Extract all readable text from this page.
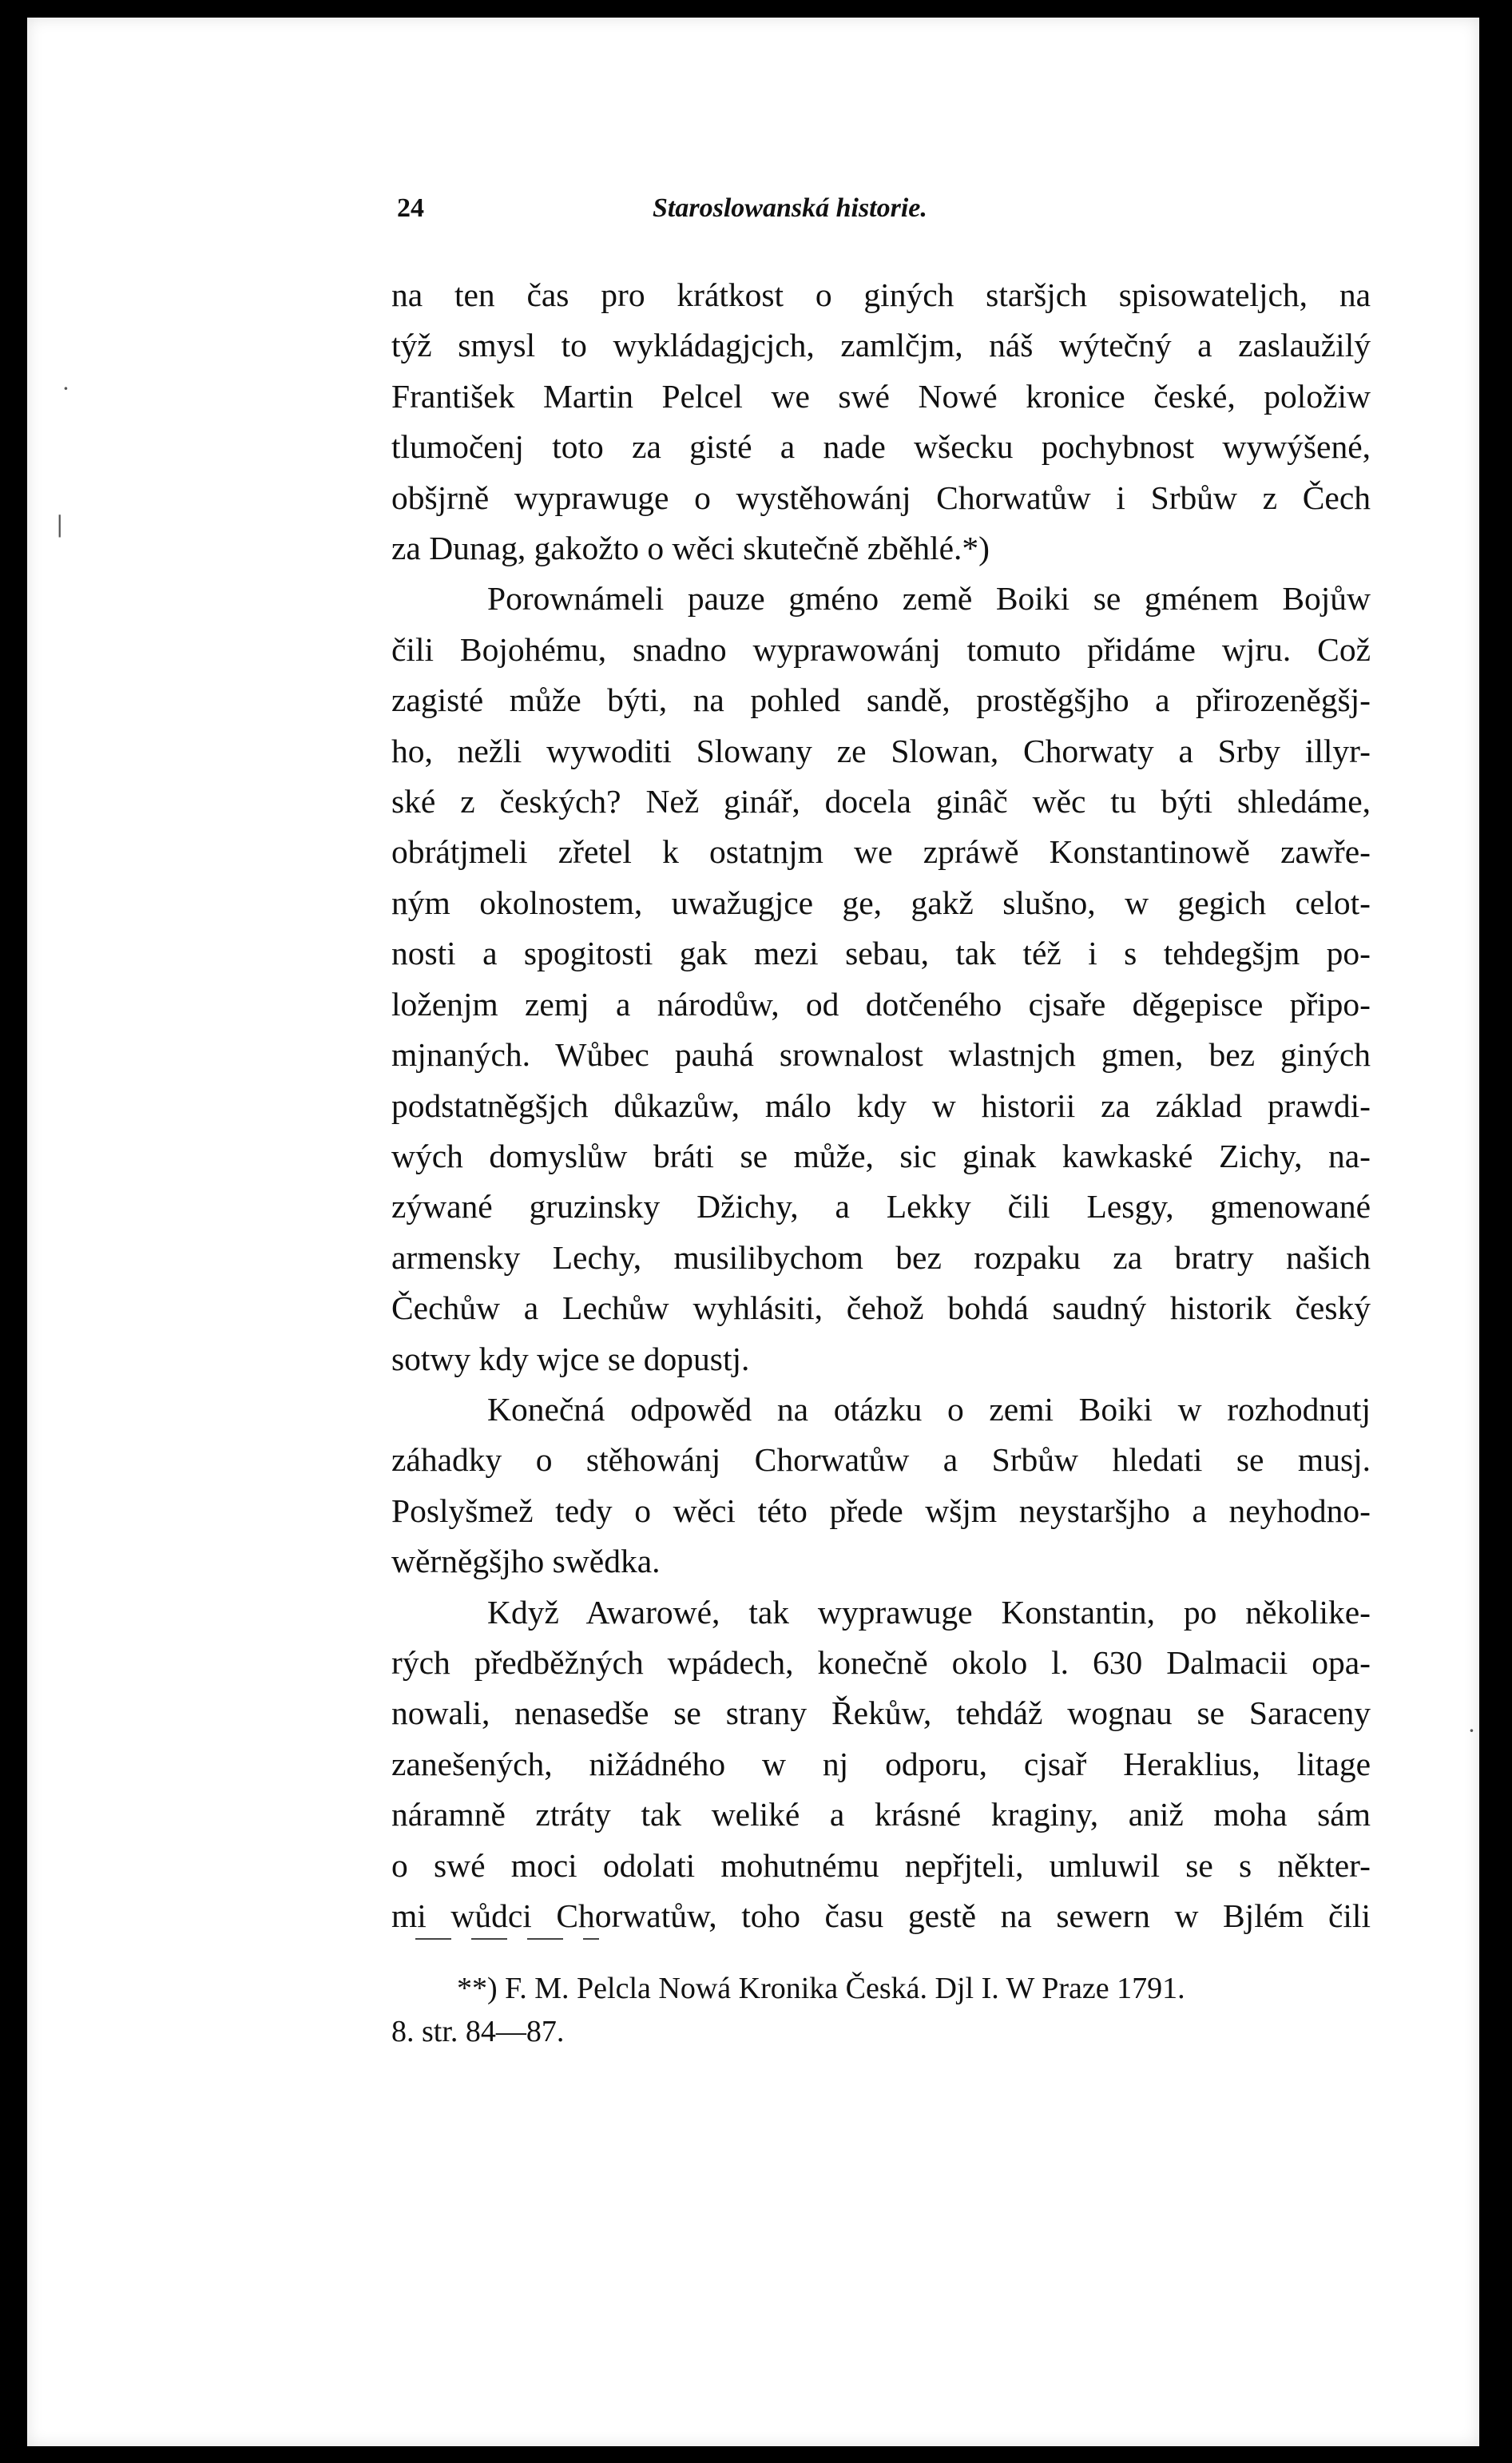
·
|
·
24	Staroslowanská historie.
na ten čas pro krátkost o giných staršjch spisowateljch, na
týž smysl to wykládagjcjch, zamlčjm, náš wýtečný a zaslaužilý
František Martin Pelcel we swé Nowé kronice české, položiw
tlumočenj toto za gisté a nade wšecku pochybnost wywýšené,
obšjrně wyprawuge o wystěhowánj Chorwatůw i Srbůw z Čech
za Dunag, gakožto o wěci skutečně zběhlé.*)
Porownámeli pauze gméno země Boiki se gménem Bojůw
čili Bojohému, snadno wyprawowánj tomuto přidáme wjru. Což
zagisté může býti, na pohled sandě, prostěgšjho a přirozeněgšj-
ho, nežli wywoditi Slowany ze Slowan, Chorwaty a Srby illyr-
ské z českých? Než ginář, docela ginâč wěc tu býti shledáme,
obrátjmeli zřetel k ostatnjm we zpráwě Konstantinowě zawře-
ným okolnostem, uwažugjce ge, gakž slušno, w gegich celot-
nosti a spogitosti gak mezi sebau, tak též i s tehdegšjm po-
loženjm zemj a národůw, od dotčeného cjsaře děgepisce připo-
mjnaných. Wůbec pauhá srownalost wlastnjch gmen, bez giných
podstatněgšjch důkazůw, málo kdy w historii za základ prawdi-
wých domyslůw bráti se může, sic ginak kawkaské Zichy, na-
zýwané gruzinsky Džichy, a Lekky čili Lesgy, gmenowané
armensky Lechy, musilibychom bez rozpaku za bratry našich
Čechůw a Lechůw wyhlásiti, čehož bohdá saudný historik český
sotwy kdy wjce se dopustj.
Konečná odpowěd na otázku o zemi Boiki w rozhodnutj
záhadky o stěhowánj Chorwatůw a Srbůw hledati se musj.
Poslyšmež tedy o wěci této přede wšjm neystaršjho a neyhodno-
wěrněgšjho swědka.
Když Awarowé, tak wyprawuge Konstantin, po několike-
rých předběžných wpádech, konečně okolo l. 630 Dalmacii opa-
nowali, nenasedše se strany Řekůw, tehdáž wognau se Saraceny
zanešených, nižádného w nj odporu, cjsař Heraklius, litage
náramně ztráty tak weliké a krásné kraginy, aniž moha sám
o swé moci odolati mohutnému nepřjteli, umluwil se s někter-
mi wůdci Chorwatůw, toho času gestě na sewern w Bjlém čili
**) F. M. Pelcla Nowá Kronika Česká. Djl I. W Praze 1791.
8. str. 84—87.
